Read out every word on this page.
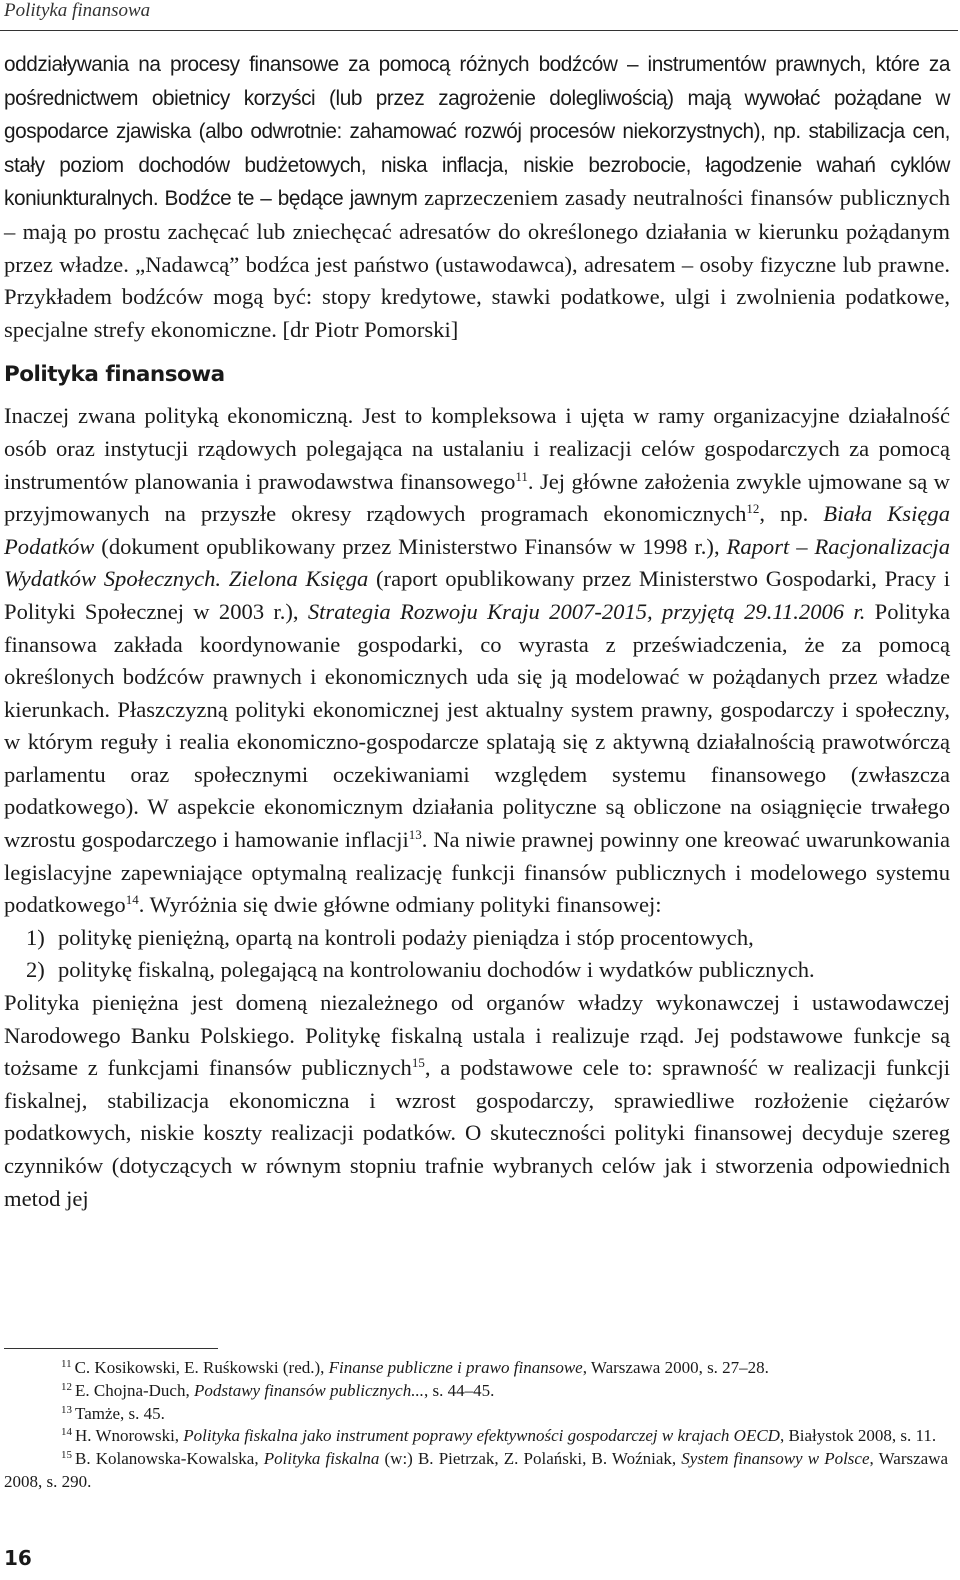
Polityka finansowa

oddziaływania na procesy finansowe za pomocą różnych bodźców – instrumentów prawnych, które za pośrednictwem obietnicy korzyści (lub przez zagrożenie dolegliwością) mają wywołać pożądane w gospodarce zjawiska (albo odwrotnie: zahamować rozwój procesów niekorzystnych), np. stabilizacja cen, stały poziom dochodów budżetowych, niska inflacja, niskie bezrobocie, łagodzenie wahań cyklów koniunkturalnych. Bodźce te – będące jawnym zaprzeczeniem zasady neutralności finansów publicznych – mają po prostu zachęcać lub zniechęcać adresatów do określonego działania w kierunku pożądanym przez władze. „Nadawcą” bodźca jest państwo (ustawodawca), adresatem – osoby fizyczne lub prawne. Przykładem bodźców mogą być: stopy kredytowe, stawki podatkowe, ulgi i zwolnienia podatkowe, specjalne strefy ekonomiczne. [dr Piotr Pomorski]

Polityka finansowa

Inaczej zwana polityką ekonomiczną. Jest to kompleksowa i ujęta w ramy organizacyjne działalność osób oraz instytucji rządowych polegająca na ustalaniu i realizacji celów gospodarczych za pomocą instrumentów planowania i prawodawstwa finansowego$^{11}$. Jej główne założenia zwykle ujmowane są w przyjmowanych na przyszłe okresy rządowych programach ekonomicznych$^{12}$, np. Biała Księga Podatków (dokument opublikowany przez Ministerstwo Finansów w 1998 r.), Raport – Racjonalizacja Wydatków Społecznych. Zielona Księga (raport opublikowany przez Ministerstwo Gospodarki, Pracy i Polityki Społecznej w 2003 r.), Strategia Rozwoju Kraju 2007-2015, przyjętą 29.11.2006 r. Polityka finansowa zakłada koordynowanie gospodarki, co wyrasta z przeświadczenia, że za pomocą określonych bodźców prawnych i ekonomicznych uda się ją modelować w pożądanych przez władze kierunkach. Płaszczyzną polityki ekonomicznej jest aktualny system prawny, gospodarczy i społeczny, w którym reguły i realia ekonomiczno-gospodarcze splatają się z aktywną działalnością prawotwórczą parlamentu oraz społecznymi oczekiwaniami względem systemu finansowego (zwłaszcza podatkowego). W aspekcie ekonomicznym działania polityczne są obliczone na osiągnięcie trwałego wzrostu gospodarczego i hamowanie inflacji$^{13}$. Na niwie prawnej powinny one kreować uwarunkowania legislacyjne zapewniające optymalną realizację funkcji finansów publicznych i modelowego systemu podatkowego$^{14}$. Wyróżnia się dwie główne odmiany polityki finansowej:

1) politykę pieniężną, opartą na kontroli podaży pieniądza i stóp procentowych,

2) politykę fiskalną, polegającą na kontrolowaniu dochodów i wydatków publicznych.

Polityka pieniężna jest domeną niezależnego od organów władzy wykonawczej i ustawodawczej Narodowego Banku Polskiego. Politykę fiskalną ustala i realizuje rząd. Jej podstawowe funkcje są tożsame z funkcjami finansów publicznych$^{15}$, a podstawowe cele to: sprawność w realizacji funkcji fiskalnej, stabilizacja ekonomiczna i wzrost gospodarczy, sprawiedliwe rozłożenie ciężarów podatkowych, niskie koszty realizacji podatków. O skuteczności polityki finansowej decyduje szereg czynników (dotyczących w równym stopniu trafnie wybranych celów jak i stworzenia odpowiednich metod jej

$^{11}$ C. Kosikowski, E. Ruśkowski (red.), Finanse publiczne i prawo finansowe, Warszawa 2000, s. 27–28.

$^{12}$ E. Chojna-Duch, Podstawy finansów publicznych..., s. 44–45.

$^{13}$ Tamże, s. 45.

$^{14}$ H. Wnorowski, Polityka fiskalna jako instrument poprawy efektywności gospodarczej w krajach OECD, Białystok 2008, s. 11.

$^{15}$ B. Kolanowska-Kowalska, Polityka fiskalna (w:) B. Pietrzak, Z. Polański, B. Woźniak, System finansowy w Polsce, Warszawa 2008, s. 290.

16
